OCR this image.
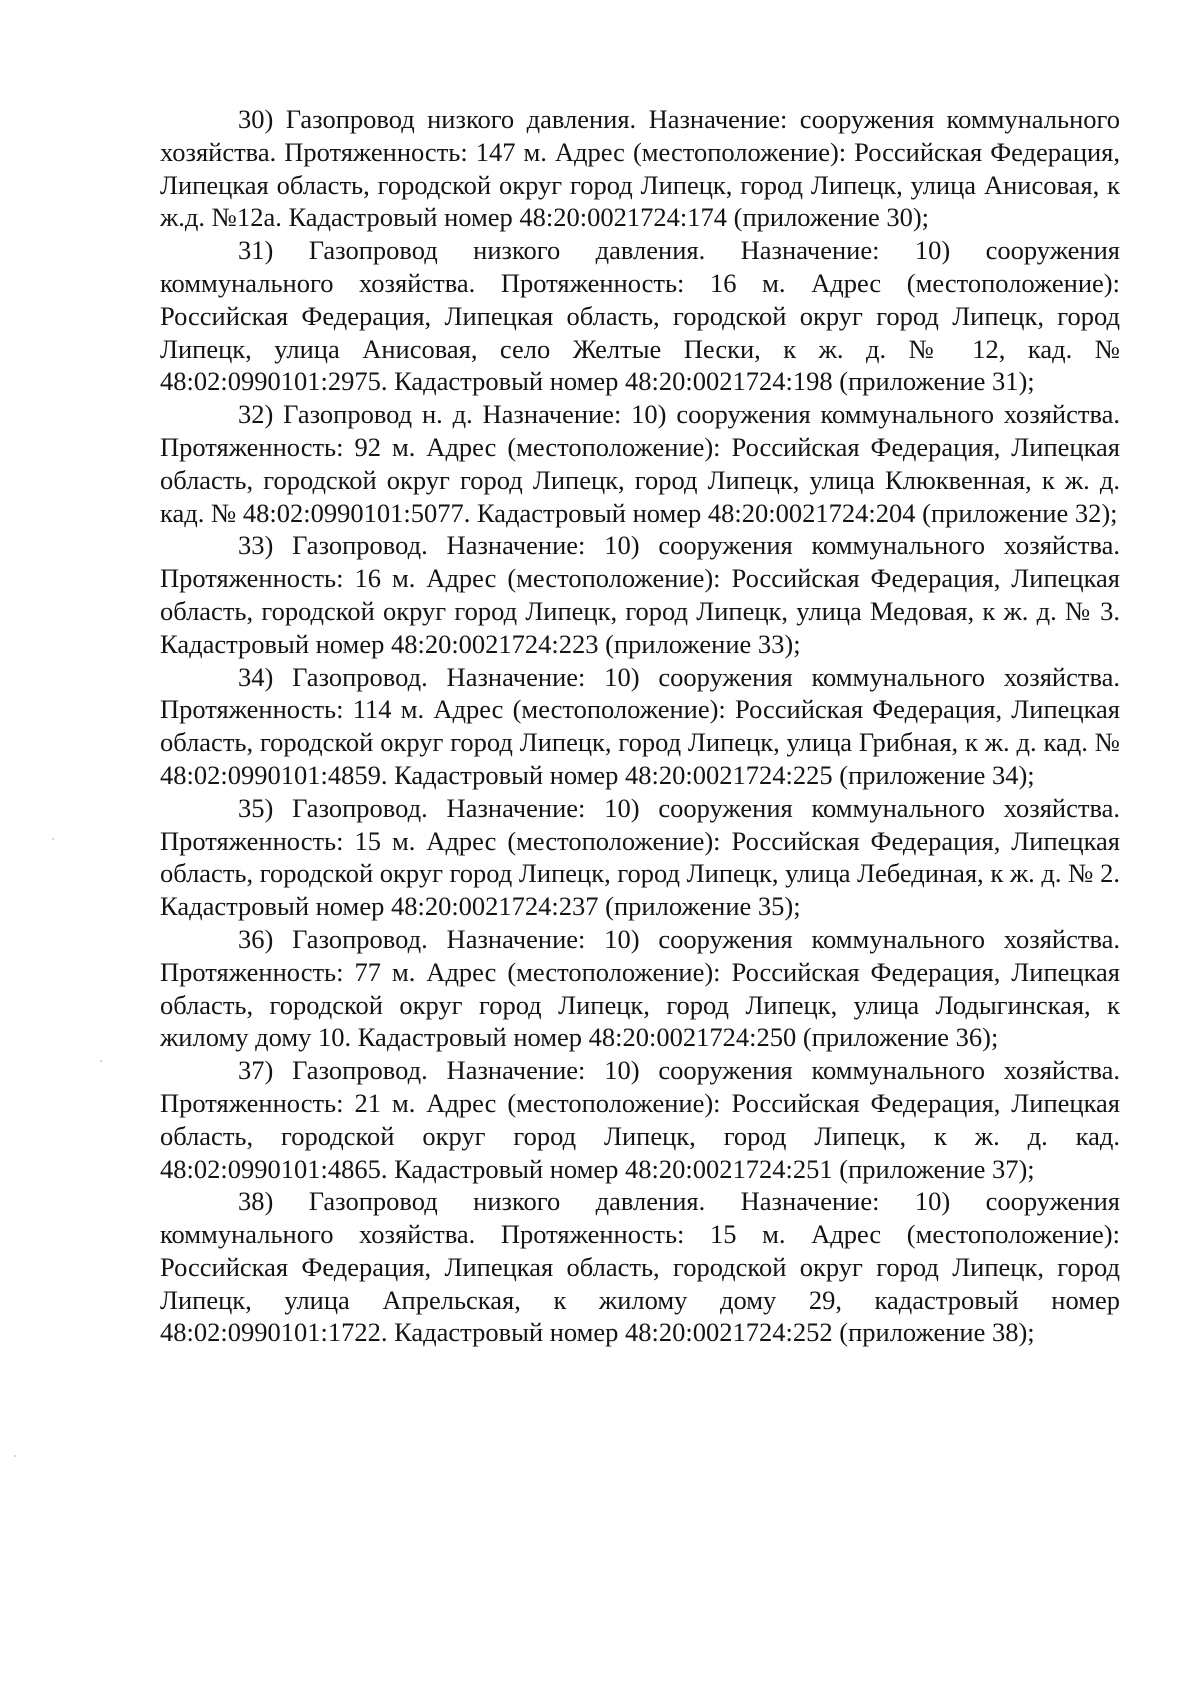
30) Газопровод низкого давления. Назначение: сооружения коммунального хозяйства. Протяженность: 147 м. Адрес (местоположение): Российская Федерация, Липецкая область, городской округ город Липецк, город Липецк, улица Анисовая, к ж.д. №12а. Кадастровый номер 48:20:0021724:174 (приложение 30);

31) Газопровод низкого давления. Назначение: 10) сооружения коммунального хозяйства. Протяженность: 16 м. Адрес (местоположение): Российская Федерация, Липецкая область, городской округ город Липецк, город Липецк, улица Анисовая, село Желтые Пески, к ж. д. № 12, кад. № 48:02:0990101:2975. Кадастровый номер 48:20:0021724:198 (приложение 31);

32) Газопровод н. д. Назначение: 10) сооружения коммунального хозяйства. Протяженность: 92 м. Адрес (местоположение): Российская Федерация, Липецкая область, городской округ город Липецк, город Липецк, улица Клюквенная, к ж. д. кад. № 48:02:0990101:5077. Кадастровый номер 48:20:0021724:204 (приложение 32);

33) Газопровод. Назначение: 10) сооружения коммунального хозяйства. Протяженность: 16 м. Адрес (местоположение): Российская Федерация, Липецкая область, городской округ город Липецк, город Липецк, улица Медовая, к ж. д. № 3. Кадастровый номер 48:20:0021724:223 (приложение 33);

34) Газопровод. Назначение: 10) сооружения коммунального хозяйства. Протяженность: 114 м. Адрес (местоположение): Российская Федерация, Липецкая область, городской округ город Липецк, город Липецк, улица Грибная, к ж. д. кад. № 48:02:0990101:4859. Кадастровый номер 48:20:0021724:225 (приложение 34);

35) Газопровод. Назначение: 10) сооружения коммунального хозяйства. Протяженность: 15 м. Адрес (местоположение): Российская Федерация, Липецкая область, городской округ город Липецк, город Липецк, улица Лебединая, к ж. д. № 2. Кадастровый номер 48:20:0021724:237 (приложение 35);

36) Газопровод. Назначение: 10) сооружения коммунального хозяйства. Протяженность: 77 м. Адрес (местоположение): Российская Федерация, Липецкая область, городской округ город Липецк, город Липецк, улица Лодыгинская, к жилому дому 10. Кадастровый номер 48:20:0021724:250 (приложение 36);

37) Газопровод. Назначение: 10) сооружения коммунального хозяйства. Протяженность: 21 м. Адрес (местоположение): Российская Федерация, Липецкая область, городской округ город Липецк, город Липецк, к ж. д. кад. 48:02:0990101:4865. Кадастровый номер 48:20:0021724:251 (приложение 37);

38) Газопровод низкого давления. Назначение: 10) сооружения коммунального хозяйства. Протяженность: 15 м. Адрес (местоположение): Российская Федерация, Липецкая область, городской округ город Липецк, город Липецк, улица Апрельская, к жилому дому 29, кадастровый номер 48:02:0990101:1722. Кадастровый номер 48:20:0021724:252 (приложение 38);
